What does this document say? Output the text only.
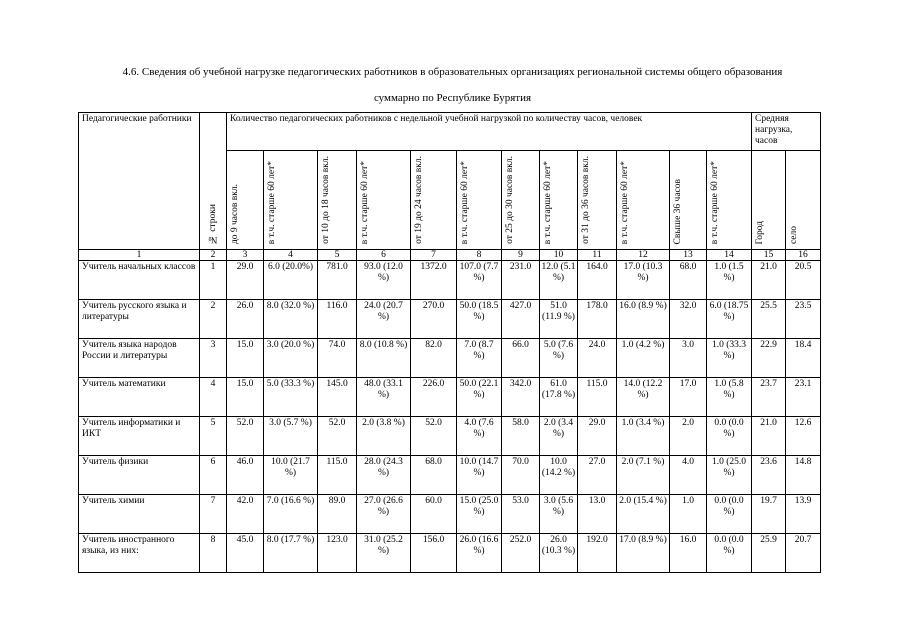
4.6. Сведения об учебной нагрузке педагогических работников в образовательных организациях региональной системы общего образования
суммарно по Республике Бурятия
Педагогические работники	№ строки	Количество педагогических работников с недельной учебной нагрузкой по количеству часов, человек												Средняя нагрузка, часов	
		до 9 часов вкл.	в т.ч. старше 60 лет*	от 10 до 18 часов вкл.	в т.ч. старше 60 лет*	от 19 до 24 часов вкл.	в т.ч. старше 60 лет*	от 25 до 30 часов вкл.	в т.ч. старше 60 лет*	от 31 до 36 часов вкл.	в т.ч. старше 60 лет*	Свыше 36 часов	в т.ч. старше 60 лет*	Город	село
1	2	3	4	5	6	7	8	9	10	11	12	13	14	15	16
Учитель начальных классов	1	29.0	6.0 (20.0%)	781.0	93.0 (12.0 %)	1372.0	107.0 (7.7 %)	231.0	12.0 (5.1 %)	164.0	17.0 (10.3 %)	68.0	1.0 (1.5 %)	21.0	20.5
Учитель русского языка и литературы	2	26.0	8.0 (32.0 %)	116.0	24.0 (20.7 %)	270.0	50.0 (18.5 %)	427.0	51.0 (11.9 %)	178.0	16.0 (8.9 %)	32.0	6.0 (18.75 %)	25.5	23.5
Учитель языка народов России и литературы	3	15.0	3.0 (20.0 %)	74.0	8.0 (10.8 %)	82.0	7.0 (8.7 %)	66.0	5.0 (7.6 %)	24.0	1.0 (4.2 %)	3.0	1.0 (33.3 %)	22.9	18.4
Учитель математики	4	15.0	5.0 (33.3 %)	145.0	48.0 (33.1 %)	226.0	50.0 (22.1 %)	342.0	61.0 (17.8 %)	115.0	14.0 (12.2 %)	17.0	1.0 (5.8 %)	23.7	23.1
Учитель информатики и ИКТ	5	52.0	3.0 (5.7 %)	52.0	2.0 (3.8 %)	52.0	4.0 (7.6 %)	58.0	2.0 (3.4 %)	29.0	1.0 (3.4 %)	2.0	0.0 (0.0 %)	21.0	12.6
Учитель физики	6	46.0	10.0 (21.7 %)	115.0	28.0 (24.3 %)	68.0	10.0 (14.7 %)	70.0	10.0 (14.2 %)	27.0	2.0 (7.1 %)	4.0	1.0 (25.0 %)	23.6	14.8
Учитель химии	7	42.0	7.0 (16.6 %)	89.0	27.0 (26.6 %)	60.0	15.0 (25.0 %)	53.0	3.0 (5.6 %)	13.0	2.0 (15.4 %)	1.0	0.0 (0.0 %)	19.7	13.9
Учитель иностранного языка, из них:	8	45.0	8.0 (17.7 %)	123.0	31.0 (25.2 %)	156.0	26.0 (16.6 %)	252.0	26.0 (10.3 %)	192.0	17.0 (8.9 %)	16.0	0.0 (0.0 %)	25.9	20.7
